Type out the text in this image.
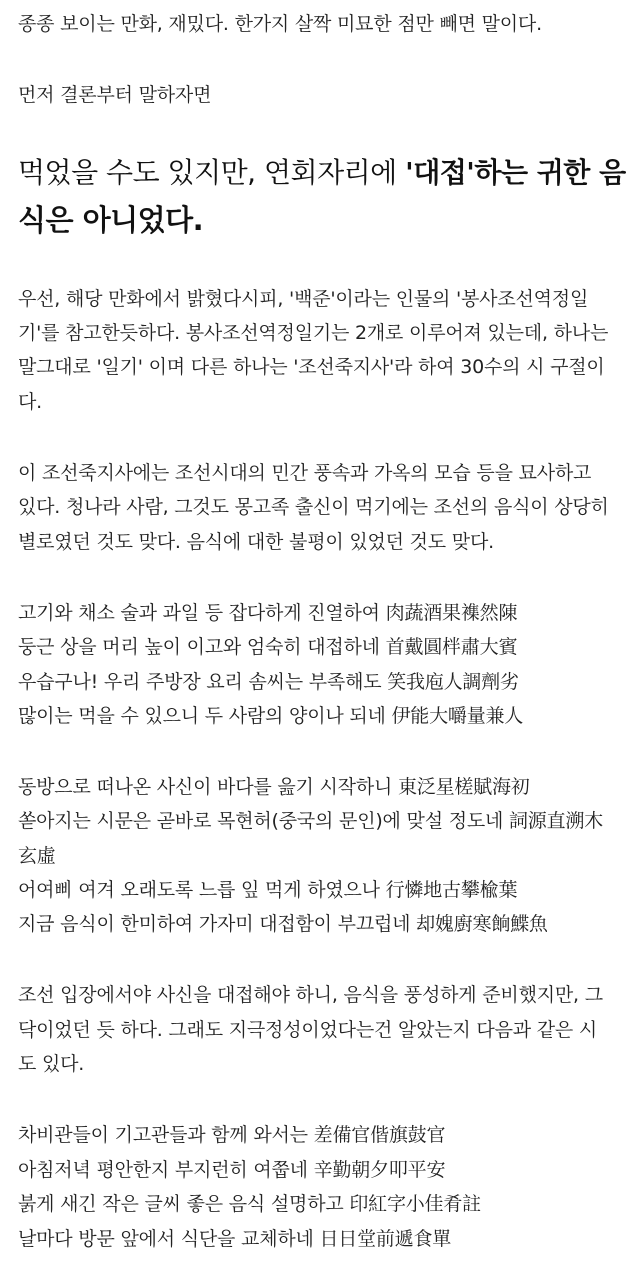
종종 보이는 만화, 재밌다. 한가지 살짝 미묘한 점만 빼면 말이다.
먼저 결론부터 말하자면
먹었을 수도 있지만, 연회자리에 '대접'하는 귀한 음
식은 아니었다.
우선, 해당 만화에서 밝혔다시피, '백준'이라는 인물의 '봉사조선역정일
기'를 참고한듯하다. 봉사조선역정일기는 2개로 이루어져 있는데, 하나는
말그대로 '일기' 이며 다른 하나는 '조선죽지사'라 하여 30수의 시 구절이
다.
이 조선죽지사에는 조선시대의 민간 풍속과 가옥의 모습 등을 묘사하고
있다. 청나라 사람, 그것도 몽고족 출신이 먹기에는 조선의 음식이 상당히
별로였던 것도 맞다. 음식에 대한 불평이 있었던 것도 맞다.
고기와 채소 술과 과일 등 잡다하게 진열하여 肉蔬酒果襍然陳
둥근 상을 머리 높이 이고와 엄숙히 대접하네 首戴圓柈肅大賓
우습구나! 우리 주방장 요리 솜씨는 부족해도 笑我庖人調劑劣
많이는 먹을 수 있으니 두 사람의 양이나 되네 伊能大嚼量兼人
동방으로 떠나온 사신이 바다를 읊기 시작하니 東泛星槎賦海初
쏟아지는 시문은 곧바로 목현허(중국의 문인)에 맞설 정도네 詞源直溯木
玄虛
어여삐 여겨 오래도록 느릅 잎 먹게 하였으나 行憐地古攀楡葉
지금 음식이 한미하여 가자미 대접함이 부끄럽네 却媿廚寒餉鰈魚
조선 입장에서야 사신을 대접해야 하니, 음식을 풍성하게 준비했지만, 그
닥이었던 듯 하다. 그래도 지극정성이었다는건 알았는지 다음과 같은 시
도 있다.
차비관들이 기고관들과 함께 와서는 差備官偕旗鼓官
아침저녁 평안한지 부지런히 여쭙네 辛勤朝夕叩平安
붉게 새긴 작은 글씨 좋은 음식 설명하고 印紅字小佳肴註
날마다 방문 앞에서 식단을 교체하네 日日堂前遞食單
